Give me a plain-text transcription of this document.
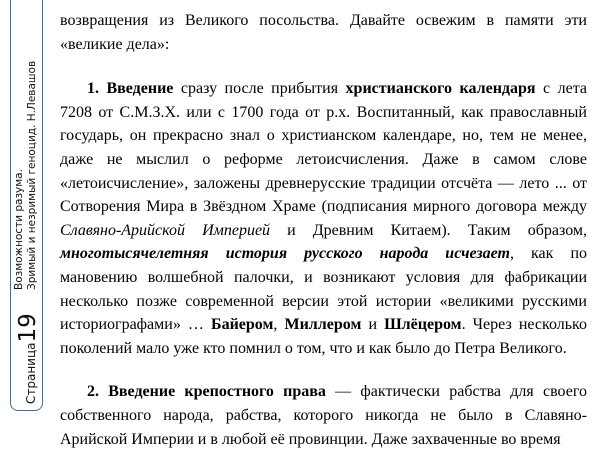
Возможности разума. Зримый и незримый геноцид. Н.Левашов
Страница19

возвращения из Великого посольства. Давайте освежим в памяти эти «великие дела»:

1. Введение сразу после прибытия христианского календаря с лета 7208 от С.М.З.Х. или с 1700 года от р.х. Воспитанный, как православный государь, он прекрасно знал о христианском календаре, но, тем не менее, даже не мыслил о реформе летоисчисления. Даже в самом слове «летоисчисление», заложены древнерусские традиции отсчёта — лето ... от Сотворения Мира в Звёздном Храме (подписания мирного договора между Славяно-Арийской Империей и Древним Китаем). Таким образом, многотысячелетняя история русского народа исчезает, как по мановению волшебной палочки, и возникают условия для фабрикации несколько позже современной версии этой истории «великими русскими историографами» … Байером, Миллером и Шлёцером. Через несколько поколений мало уже кто помнил о том, что и как было до Петра Великого.

2. Введение крепостного права — фактически рабства для своего собственного народа, рабства, которого никогда не было в Славяно-Арийской Империи и в любой её провинции. Даже захваченные во время
